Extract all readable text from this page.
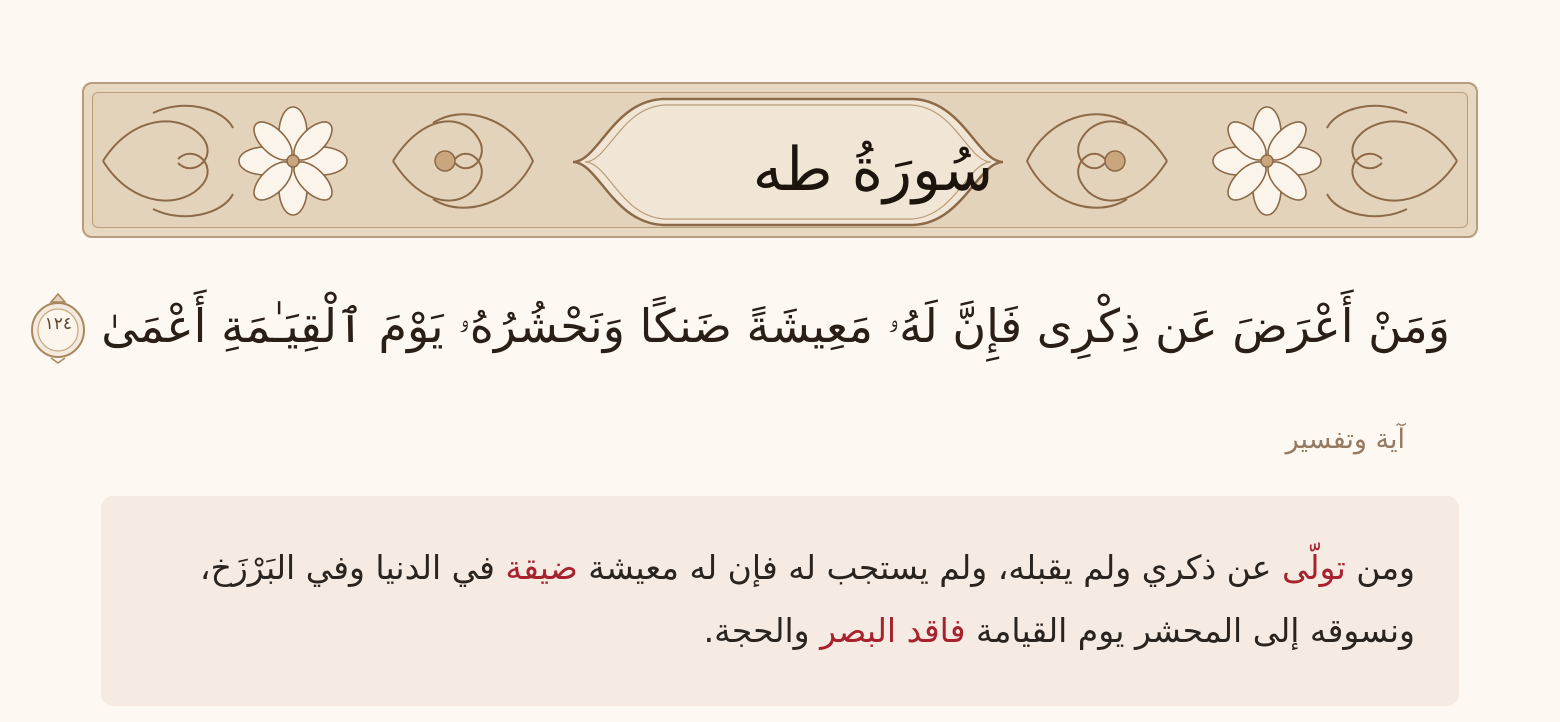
سُورَةُ طه
وَمَنْ أَعْرَضَ عَن ذِكْرِى فَإِنَّ لَهُۥ مَعِيشَةً ضَنكًا وَنَحْشُرُهُۥ يَوْمَ ٱلْقِيَـٰمَةِ أَعْمَىٰ
١٢٤
آية وتفسير
ومن تولّى عن ذكري ولم يقبله، ولم يستجب له فإن له معيشة ضيقة في الدنيا وفي البَرْزَخ، ونسوقه إلى المحشر يوم القيامة فاقد البصر والحجة.
